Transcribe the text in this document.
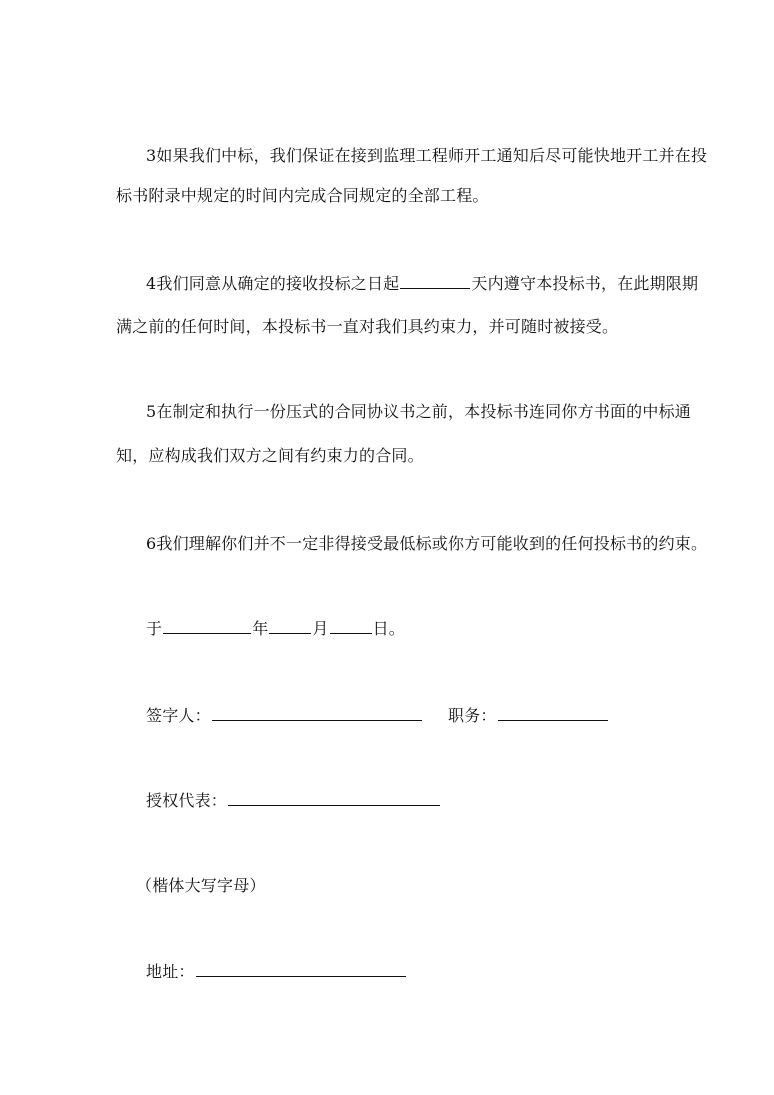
3如果我们中标，我们保证在接到监理工程师开工通知后尽可能快地开工并在投
标书附录中规定的时间内完成合同规定的全部工程。
4我们同意从确定的接收投标之日起	天内遵守本投标书，在此期限期
满之前的任何时间，本投标书一直对我们具约束力，并可随时被接受。
5在制定和执行一份压式的合同协议书之前，本投标书连同你方书面的中标通
知，应构成我们双方之间有约束力的合同。
6我们理解你们并不一定非得接受最低标或你方可能收到的任何投标书的约束。
于	年	月	日。
签字人：	职务：
授权代表：
（楷体大写字母）
地址：
